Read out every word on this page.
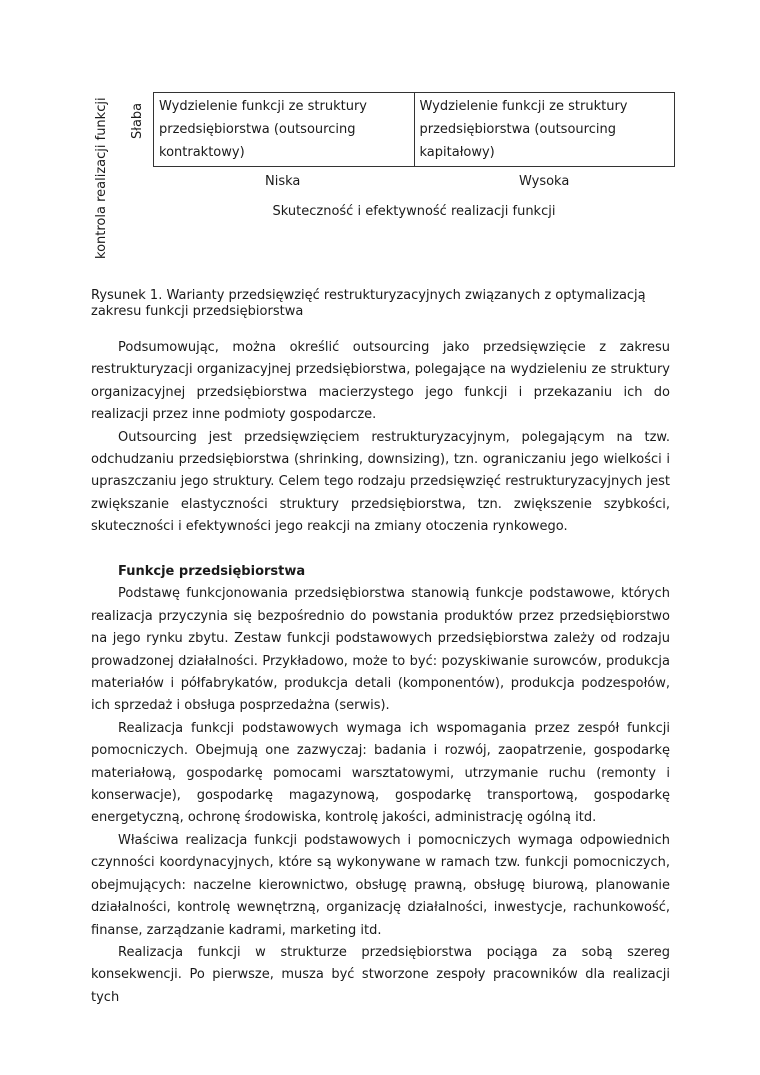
kontrola realizacji funkcji Słaba Wydzielenie funkcji ze struktury przedsiębiorstwa (outsourcing kontraktowy)	Wydzielenie funkcji ze struktury przedsiębiorstwa (outsourcing kapitałowy)
Niska	Wysoka
Skuteczność i efektywność realizacji funkcji
Rysunek 1. Warianty przedsięwzięć restrukturyzacyjnych związanych z optymalizacją zakresu funkcji przedsiębiorstwa

Podsumowując, można określić outsourcing jako przedsięwzięcie z zakresu restrukturyzacji organizacyjnej przedsiębiorstwa, polegające na wydzieleniu ze struktury organizacyjnej przedsiębiorstwa macierzystego jego funkcji i przekazaniu ich do realizacji przez inne podmioty gospodarcze.

Outsourcing jest przedsięwzięciem restrukturyzacyjnym, polegającym na tzw. odchudzaniu przedsiębiorstwa (shrinking, downsizing), tzn. ograniczaniu jego wielkości i upraszczaniu jego struktury. Celem tego rodzaju przedsięwzięć restrukturyzacyjnych jest zwiększanie elastyczności struktury przedsiębiorstwa, tzn. zwiększenie szybkości, skuteczności i efektywności jego reakcji na zmiany otoczenia rynkowego.

Funkcje przedsiębiorstwa

Podstawę funkcjonowania przedsiębiorstwa stanowią funkcje podstawowe, których realizacja przyczynia się bezpośrednio do powstania produktów przez przedsiębiorstwo na jego rynku zbytu. Zestaw funkcji podstawowych przedsiębiorstwa zależy od rodzaju prowadzonej działalności. Przykładowo, może to być: pozyskiwanie surowców, produkcja materiałów i półfabrykatów, produkcja detali (komponentów), produkcja podzespołów, ich sprzedaż i obsługa posprzedażna (serwis).

Realizacja funkcji podstawowych wymaga ich wspomagania przez zespół funkcji pomocniczych. Obejmują one zazwyczaj: badania i rozwój, zaopatrzenie, gospodarkę materiałową, gospodarkę pomocami warsztatowymi, utrzymanie ruchu (remonty i konserwacje), gospodarkę magazynową, gospodarkę transportową, gospodarkę energetyczną, ochronę środowiska, kontrolę jakości, administrację ogólną itd.

Właściwa realizacja funkcji podstawowych i pomocniczych wymaga odpowiednich czynności koordynacyjnych, które są wykonywane w ramach tzw. funkcji pomocniczych, obejmujących: naczelne kierownictwo, obsługę prawną, obsługę biurową, planowanie działalności, kontrolę wewnętrzną, organizację działalności, inwestycje, rachunkowość, finanse, zarządzanie kadrami, marketing itd.

Realizacja funkcji w strukturze przedsiębiorstwa pociąga za sobą szereg konsekwencji. Po pierwsze, musza być stworzone zespoły pracowników dla realizacji tych
